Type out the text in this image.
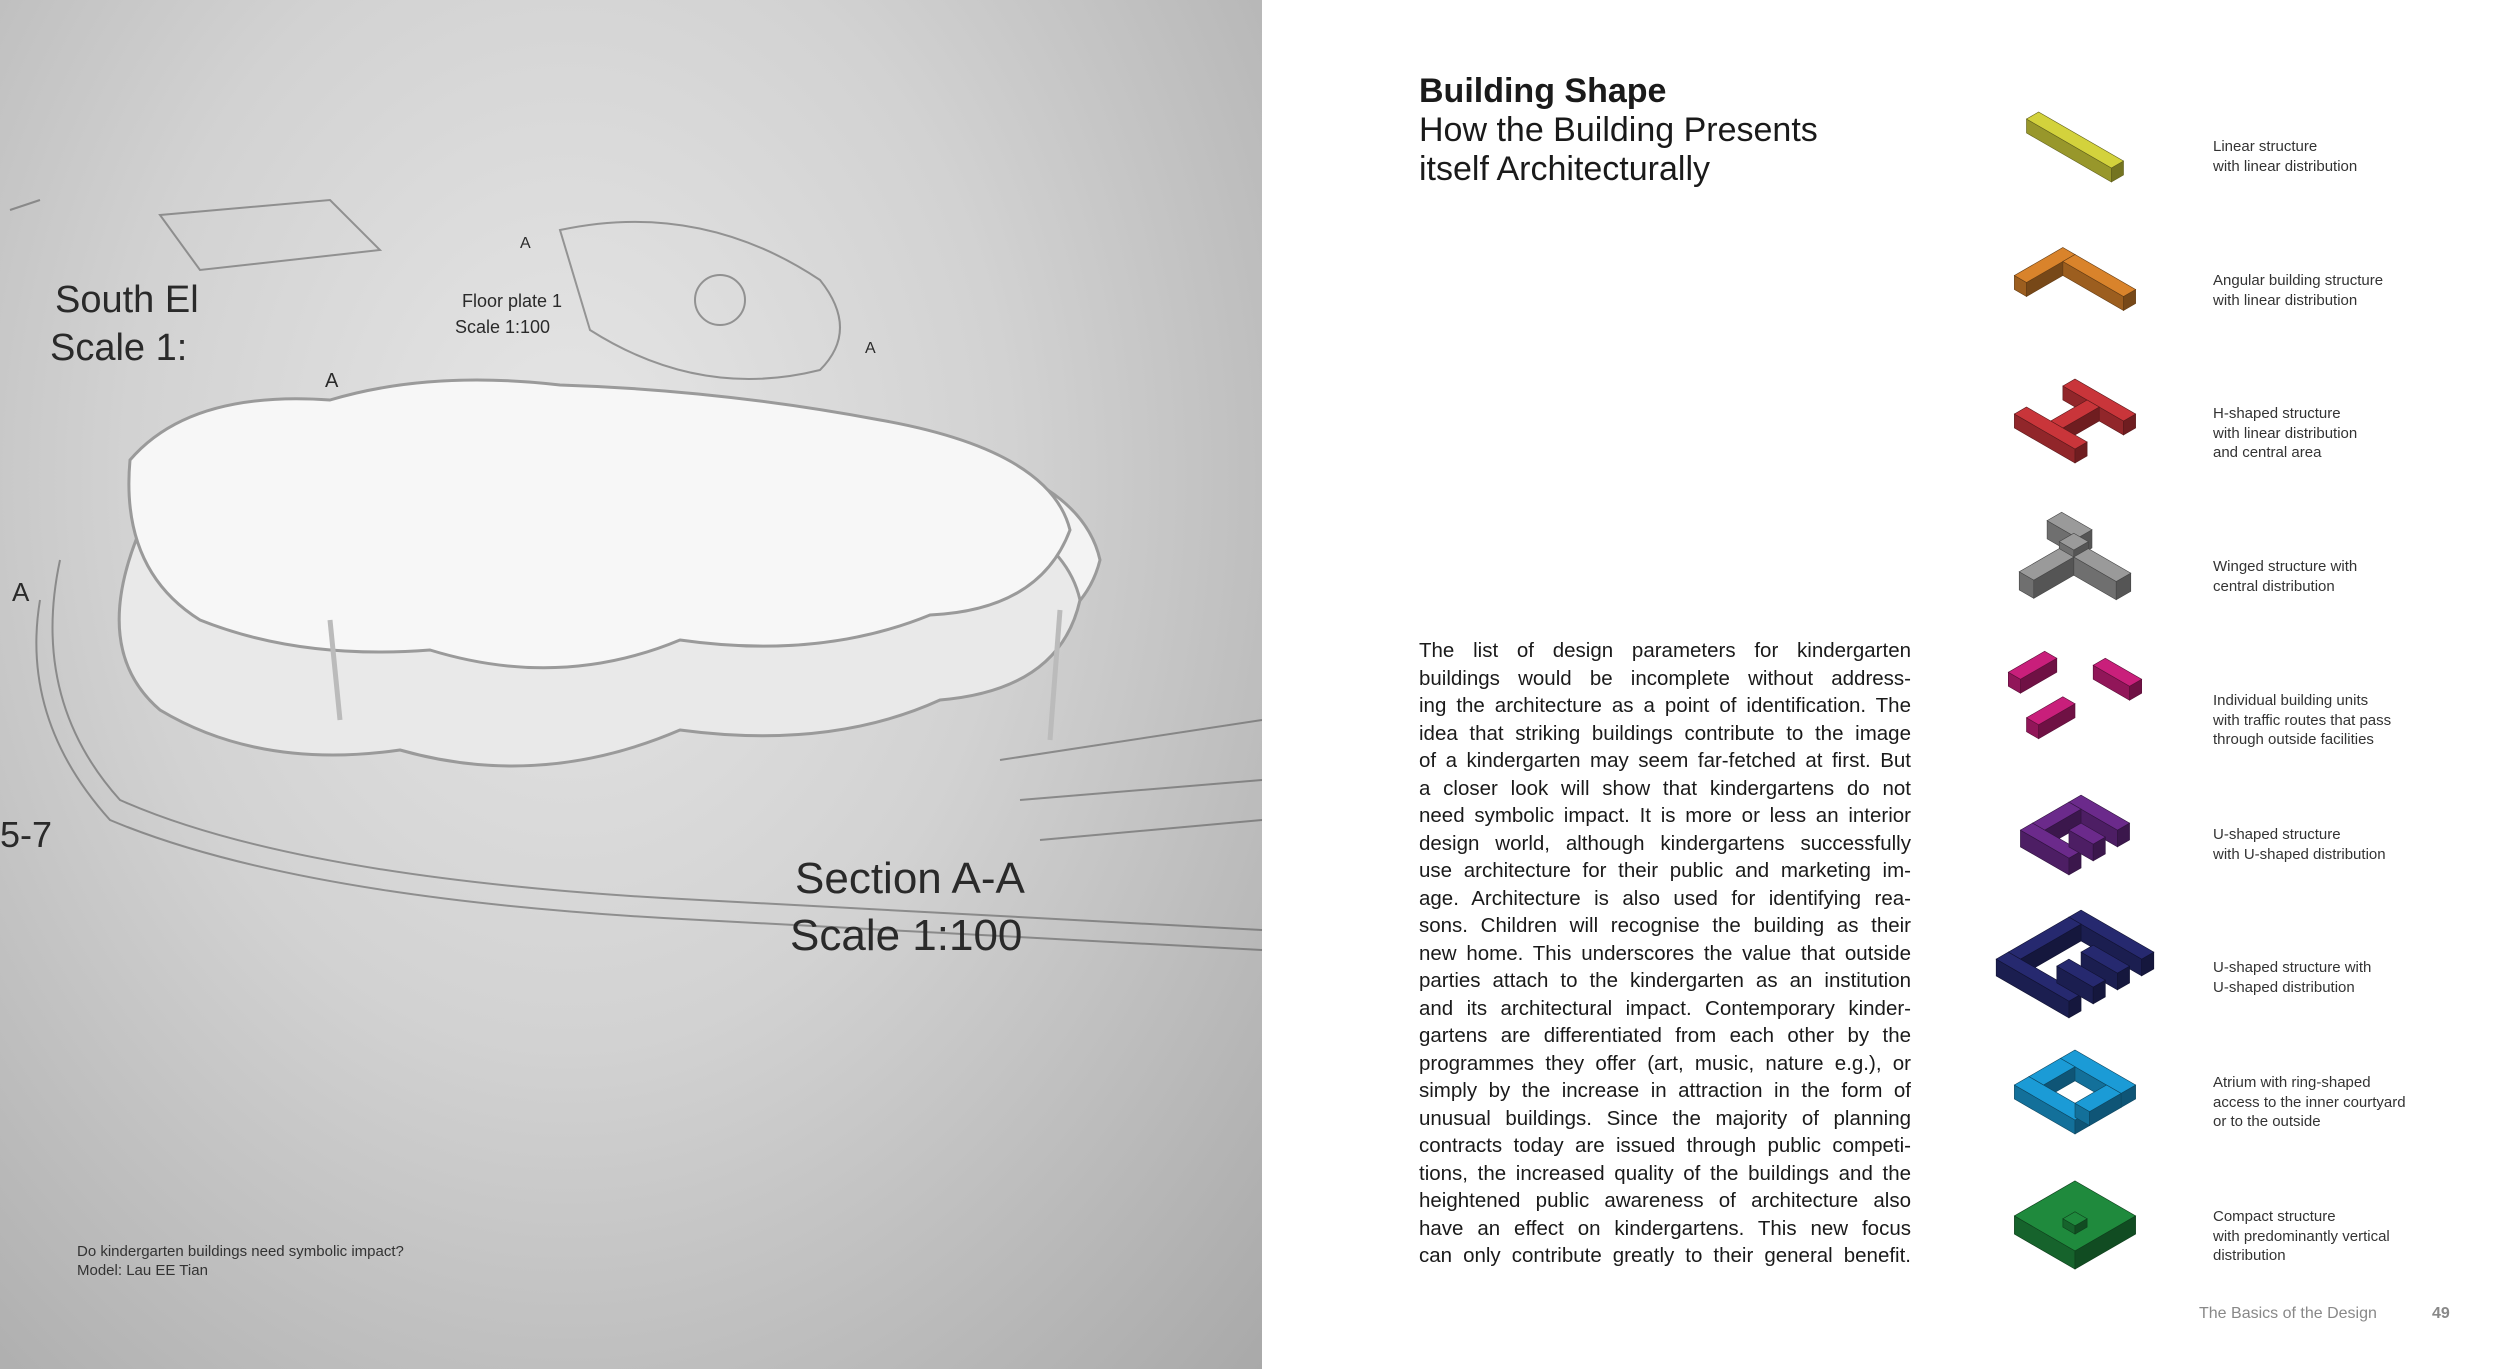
South El
Scale 1:
Floor plate 1
Scale 1:100
Section A-A
Scale 1:100
A
A
A
A
5-7
Do kindergarten buildings need symbolic impact?
Model: Lau EE Tian
Building Shape
How the Building Presents
itself Architecturally
The list of design parameters for kindergarten
buildings would be incomplete without address-
ing the architecture as a point of identification. The
idea that striking buildings contribute to the image
of a kindergarten may seem far-fetched at first. But
a closer look will show that kindergartens do not
need symbolic impact. It is more or less an interior
design world, although kindergartens successfully
use architecture for their public and marketing im-
age. Architecture is also used for identifying rea-
sons. Children will recognise the building as their
new home. This underscores the value that outside
parties attach to the kindergarten as an institution
and its architectural impact. Contemporary kinder-
gartens are differentiated from each other by the
programmes they offer (art, music, nature e.g.), or
simply by the increase in attraction in the form of
unusual buildings. Since the majority of planning
contracts today are issued through public competi-
tions, the increased quality of the buildings and the
heightened public awareness of architecture also
have an effect on kindergartens. This new focus
can only contribute greatly to their general benefit.
Linear structure
with linear distribution
Angular building structure
with linear distribution
H-shaped structure
with linear distribution
and central area
Winged structure with
central distribution
Individual building units
with traffic routes that pass
through outside facilities
U-shaped structure
with U-shaped distribution
U-shaped structure with
U-shaped distribution
Atrium with ring-shaped
access to the inner courtyard
or to the outside
Compact structure
with predominantly vertical
distribution
The Basics of the Design	49
